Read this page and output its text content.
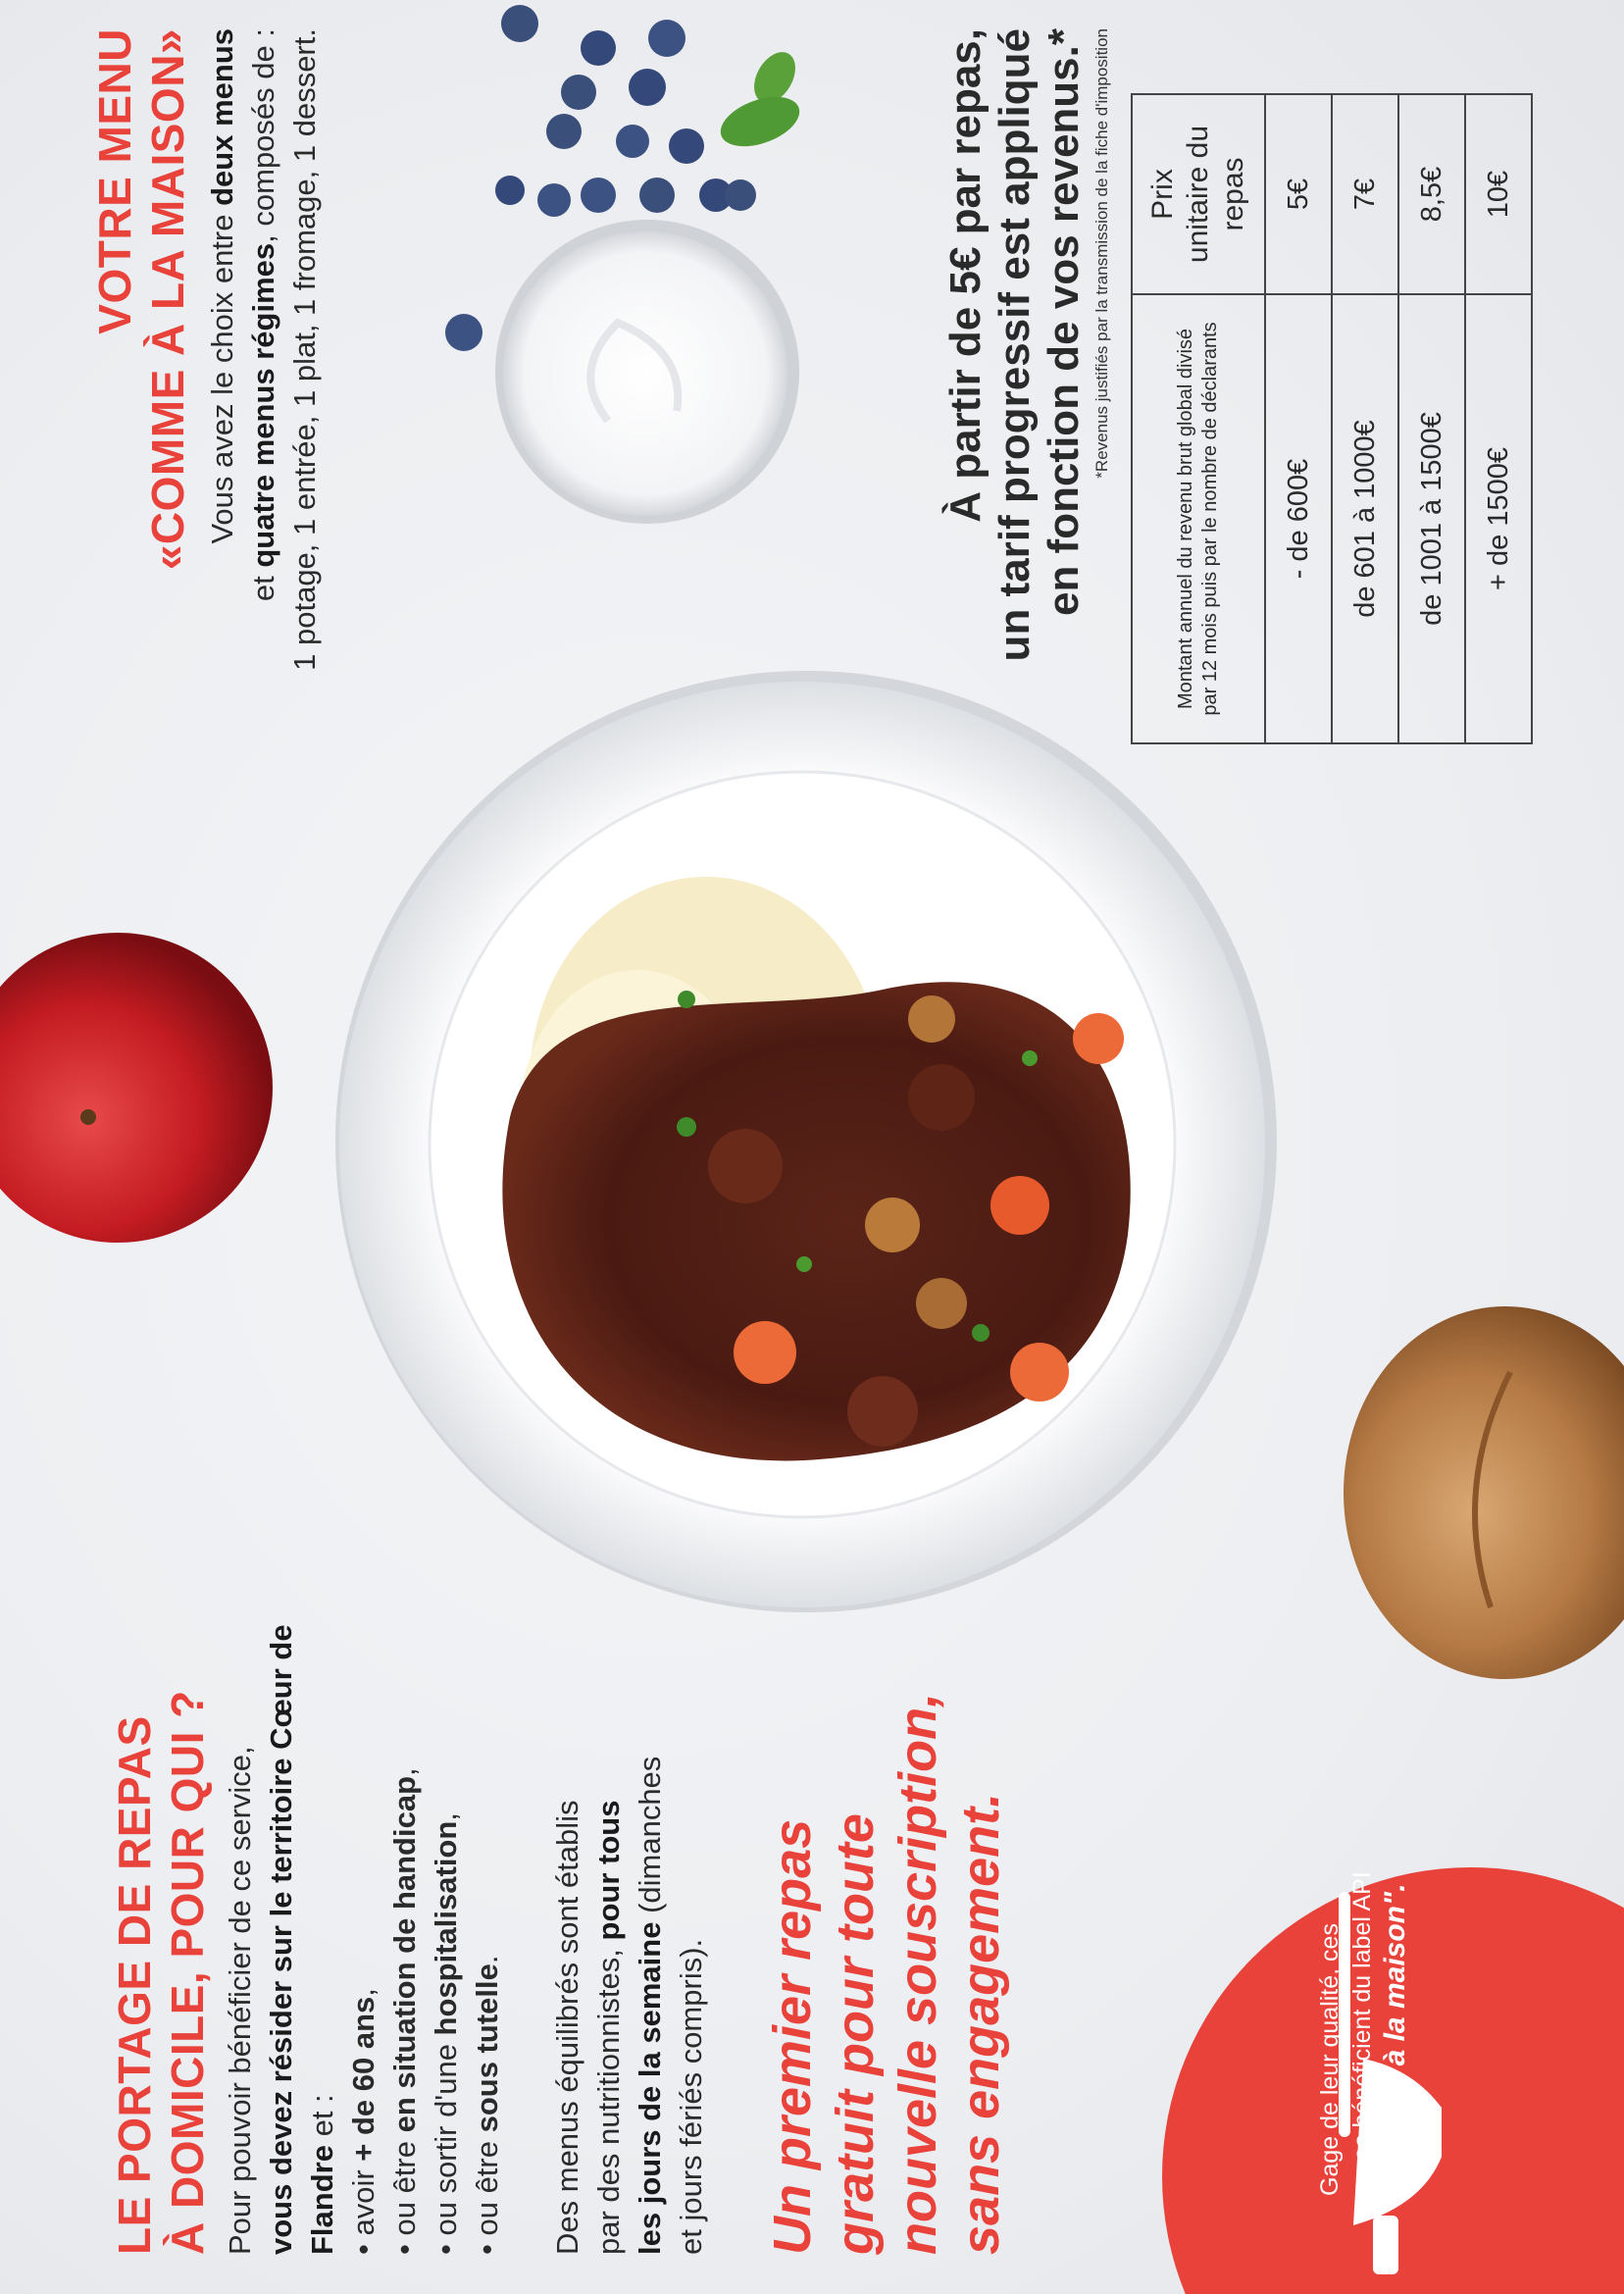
LE PORTAGE DE REPAS À DOMICILE, POUR QUI ? Pour pouvoir bénéficier de ce service, vous devez résider sur le territoire Cœur de Flandre et :
• avoir + de 60 ans,
• ou être en situation de handicap,
• ou sortir d'une hospitalisation,
• ou être sous tutelle. Des menus équilibrés sont établis par des nutritionnistes, pour tous
les jours de la semaine (dimanches
et jours fériés compris). Un premier repas gratuit pour toute nouvelle souscription, sans engagement.	Gage de leur qualité, ces repas bénéficient du label API "Comme à la maison".
VOTRE MENU «COMME À LA MAISON» Vous avez le choix entre deux menus
et quatre menus régimes, composés de : 1 potage, 1 entrée, 1 plat, 1 fromage, 1 dessert.	À partir de 5€ par repas, un tarif progressif est appliqué en fonction de vos revenus.* *Revenus justifiés par la transmission de la fiche d'imposition
Montant annuel du revenu brut global divisé par 12 mois puis par le nombre de déclarants	Prix unitaire du repas
- de 600€	5€
de 601 à 1000€	7€
de 1001 à 1500€	8,5€
+ de 1500€	10€
